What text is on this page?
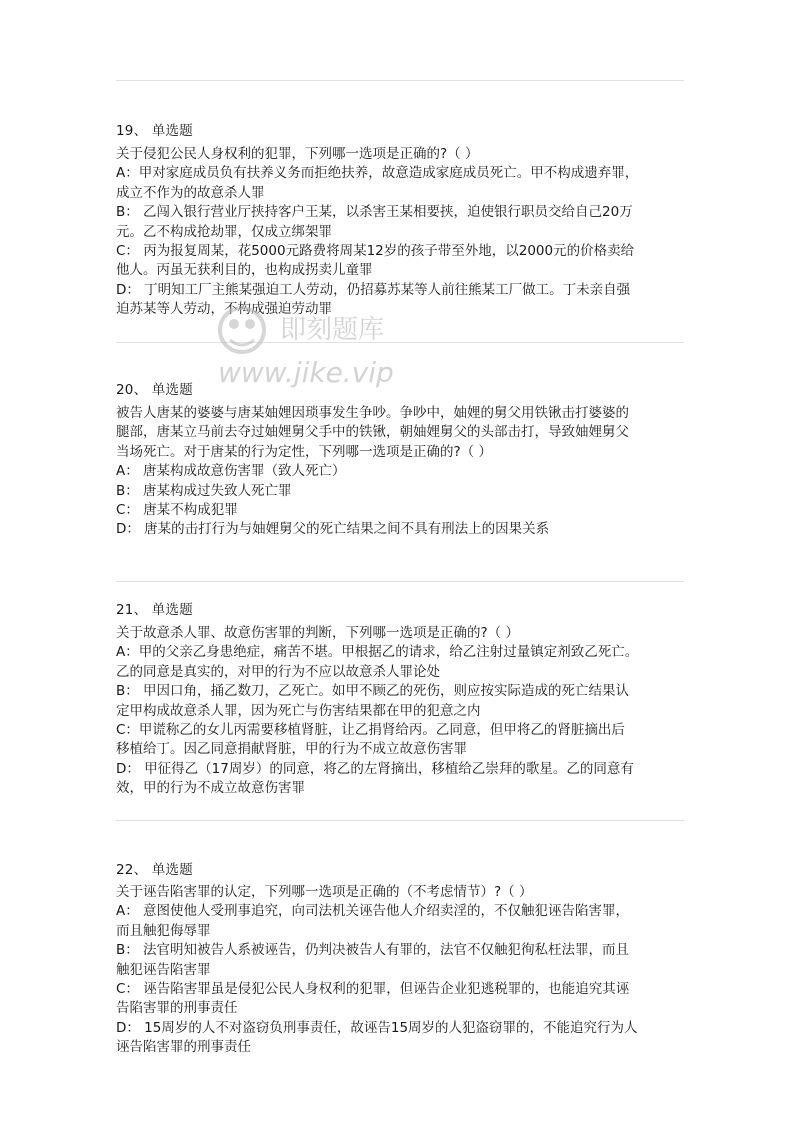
19、 单选题

关于侵犯公民人身权利的犯罪，下列哪一选项是正确的?（ ）

A：甲对家庭成员负有扶养义务而拒绝扶养，故意造成家庭成员死亡。甲不构成遗弃罪，

成立不作为的故意杀人罪

B： 乙闯入银行营业厅挟持客户王某，以杀害王某相要挟，迫使银行职员交给自己20万

元。乙不构成抢劫罪，仅成立绑架罪

C： 丙为报复周某，花5000元路费将周某12岁的孩子带至外地，以2000元的价格卖给

他人。丙虽无获利目的，也构成拐卖儿童罪

D： 丁明知工厂主熊某强迫工人劳动，仍招募苏某等人前往熊某工厂做工。丁未亲自强

迫苏某等人劳动，不构成强迫劳动罪

即刻题库
www.jike.vip
20、 单选题

被告人唐某的婆婆与唐某妯娌因琐事发生争吵。争吵中，妯娌的舅父用铁锹击打婆婆的

腿部，唐某立马前去夺过妯娌舅父手中的铁锹，朝妯娌舅父的头部击打，导致妯娌舅父

当场死亡。对于唐某的行为定性，下列哪一选项是正确的?（ ）

A： 唐某构成故意伤害罪（致人死亡）

B： 唐某构成过失致人死亡罪

C： 唐某不构成犯罪

D： 唐某的击打行为与妯娌舅父的死亡结果之间不具有刑法上的因果关系

21、 单选题

关于故意杀人罪、故意伤害罪的判断，下列哪一选项是正确的?（ ）

A：甲的父亲乙身患绝症，痛苦不堪。甲根据乙的请求，给乙注射过量镇定剂致乙死亡。

乙的同意是真实的，对甲的行为不应以故意杀人罪论处

B： 甲因口角，捅乙数刀，乙死亡。如甲不顾乙的死伤，则应按实际造成的死亡结果认

定甲构成故意杀人罪，因为死亡与伤害结果都在甲的犯意之内

C：甲谎称乙的女儿丙需要移植肾脏，让乙捐肾给丙。乙同意，但甲将乙的肾脏摘出后

移植给丁。因乙同意捐献肾脏，甲的行为不成立故意伤害罪

D： 甲征得乙（17周岁）的同意，将乙的左肾摘出，移植给乙崇拜的歌星。乙的同意有

效，甲的行为不成立故意伤害罪

22、 单选题

关于诬告陷害罪的认定，下列哪一选项是正确的（不考虑情节）?（ ）

A： 意图使他人受刑事追究，向司法机关诬告他人介绍卖淫的，不仅触犯诬告陷害罪，

而且触犯侮辱罪

B： 法官明知被告人系被诬告，仍判决被告人有罪的，法官不仅触犯徇私枉法罪，而且

触犯诬告陷害罪

C： 诬告陷害罪虽是侵犯公民人身权利的犯罪，但诬告企业犯逃税罪的，也能追究其诬

告陷害罪的刑事责任

D： 15周岁的人不对盗窃负刑事责任，故诬告15周岁的人犯盗窃罪的，不能追究行为人

诬告陷害罪的刑事责任
